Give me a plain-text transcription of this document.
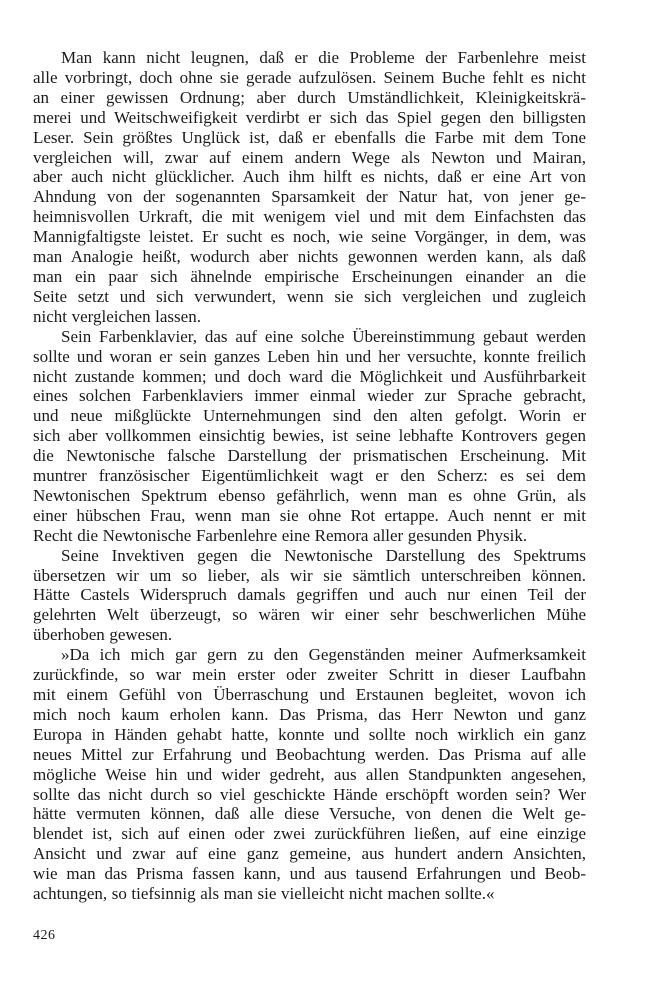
Man kann nicht leugnen, daß er die Probleme der Farbenlehre meist
alle vorbringt, doch ohne sie gerade aufzulösen. Seinem Buche fehlt es nicht
an einer gewissen Ordnung; aber durch Umständlichkeit, Kleinigkeitskrä-
merei und Weitschweifigkeit verdirbt er sich das Spiel gegen den billigsten
Leser. Sein größtes Unglück ist, daß er ebenfalls die Farbe mit dem Tone
vergleichen will, zwar auf einem andern Wege als Newton und Mairan,
aber auch nicht glücklicher. Auch ihm hilft es nichts, daß er eine Art von
Ahndung von der sogenannten Sparsamkeit der Natur hat, von jener ge-
heimnisvollen Urkraft, die mit wenigem viel und mit dem Einfachsten das
Mannigfaltigste leistet. Er sucht es noch, wie seine Vorgänger, in dem, was
man Analogie heißt, wodurch aber nichts gewonnen werden kann, als daß
man ein paar sich ähnelnde empirische Erscheinungen einander an die
Seite setzt und sich verwundert, wenn sie sich vergleichen und zugleich
nicht vergleichen lassen.
Sein Farbenklavier, das auf eine solche Übereinstimmung gebaut werden
sollte und woran er sein ganzes Leben hin und her versuchte, konnte freilich
nicht zustande kommen; und doch ward die Möglichkeit und Ausführbarkeit
eines solchen Farbenklaviers immer einmal wieder zur Sprache gebracht,
und neue mißglückte Unternehmungen sind den alten gefolgt. Worin er
sich aber vollkommen einsichtig bewies, ist seine lebhafte Kontrovers gegen
die Newtonische falsche Darstellung der prismatischen Erscheinung. Mit
muntrer französischer Eigentümlichkeit wagt er den Scherz: es sei dem
Newtonischen Spektrum ebenso gefährlich, wenn man es ohne Grün, als
einer hübschen Frau, wenn man sie ohne Rot ertappe. Auch nennt er mit
Recht die Newtonische Farbenlehre eine Remora aller gesunden Physik.
Seine Invektiven gegen die Newtonische Darstellung des Spektrums
übersetzen wir um so lieber, als wir sie sämtlich unterschreiben können.
Hätte Castels Widerspruch damals gegriffen und auch nur einen Teil der
gelehrten Welt überzeugt, so wären wir einer sehr beschwerlichen Mühe
überhoben gewesen.
»Da ich mich gar gern zu den Gegenständen meiner Aufmerksamkeit
zurückfinde, so war mein erster oder zweiter Schritt in dieser Laufbahn
mit einem Gefühl von Überraschung und Erstaunen begleitet, wovon ich
mich noch kaum erholen kann. Das Prisma, das Herr Newton und ganz
Europa in Händen gehabt hatte, konnte und sollte noch wirklich ein ganz
neues Mittel zur Erfahrung und Beobachtung werden. Das Prisma auf alle
mögliche Weise hin und wider gedreht, aus allen Standpunkten angesehen,
sollte das nicht durch so viel geschickte Hände erschöpft worden sein? Wer
hätte vermuten können, daß alle diese Versuche, von denen die Welt ge-
blendet ist, sich auf einen oder zwei zurückführen ließen, auf eine einzige
Ansicht und zwar auf eine ganz gemeine, aus hundert andern Ansichten,
wie man das Prisma fassen kann, und aus tausend Erfahrungen und Beob-
achtungen, so tiefsinnig als man sie vielleicht nicht machen sollte.«
426
